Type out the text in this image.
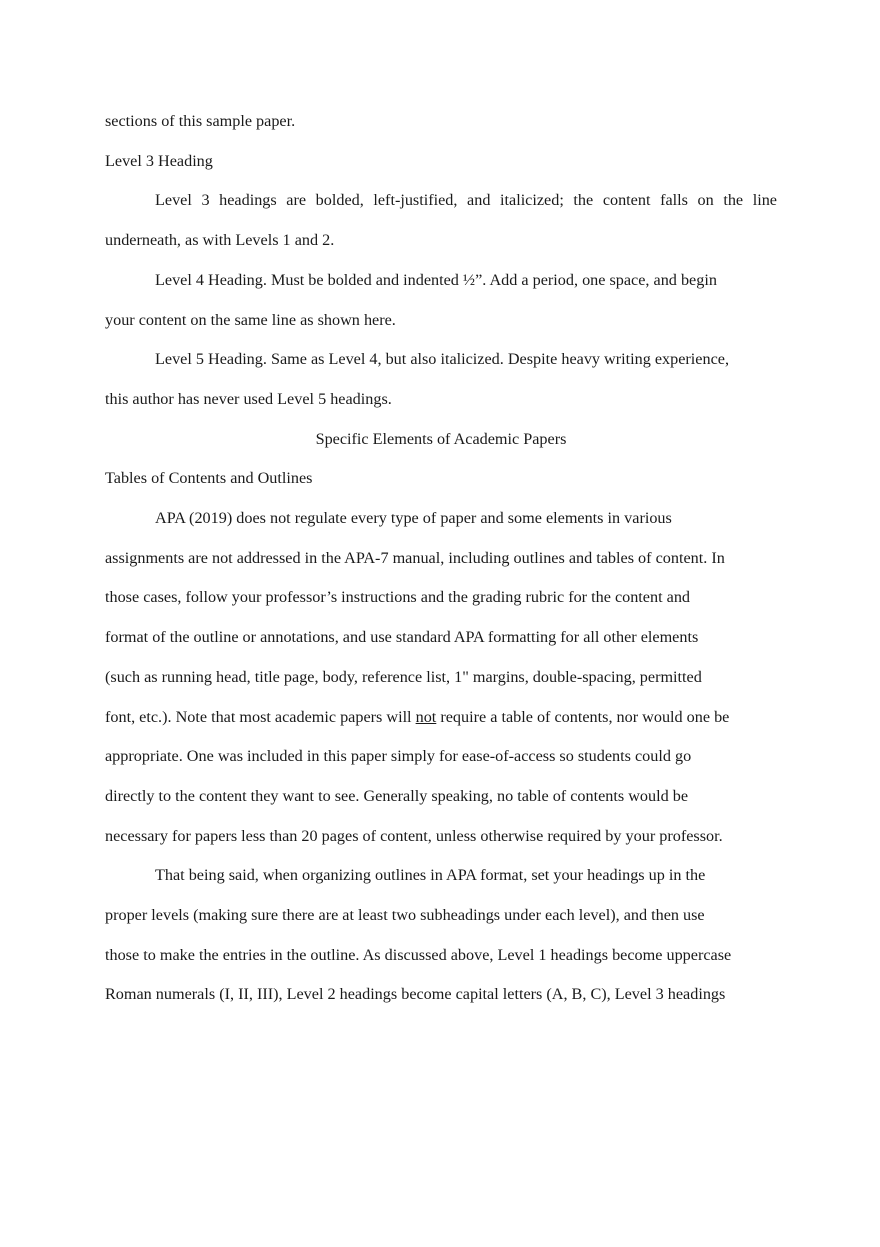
sections of this sample paper.

Level 3 Heading

Level 3 headings are bolded, left-justified, and italicized; the content falls on the line underneath, as with Levels 1 and 2.

Level 4 Heading. Must be bolded and indented ½”. Add a period, one space, and begin

your content on the same line as shown here.

Level 5 Heading. Same as Level 4, but also italicized. Despite heavy writing experience,

this author has never used Level 5 headings.

Specific Elements of Academic Papers

Tables of Contents and Outlines

APA (2019) does not regulate every type of paper and some elements in various

assignments are not addressed in the APA-7 manual, including outlines and tables of content. In

those cases, follow your professor’s instructions and the grading rubric for the content and

format of the outline or annotations, and use standard APA formatting for all other elements

(such as running head, title page, body, reference list, 1" margins, double-spacing, permitted

font, etc.). Note that most academic papers will not require a table of contents, nor would one be

appropriate. One was included in this paper simply for ease-of-access so students could go

directly to the content they want to see. Generally speaking, no table of contents would be

necessary for papers less than 20 pages of content, unless otherwise required by your professor.

That being said, when organizing outlines in APA format, set your headings up in the

proper levels (making sure there are at least two subheadings under each level), and then use

those to make the entries in the outline. As discussed above, Level 1 headings become uppercase

Roman numerals (I, II, III), Level 2 headings become capital letters (A, B, C), Level 3 headings
